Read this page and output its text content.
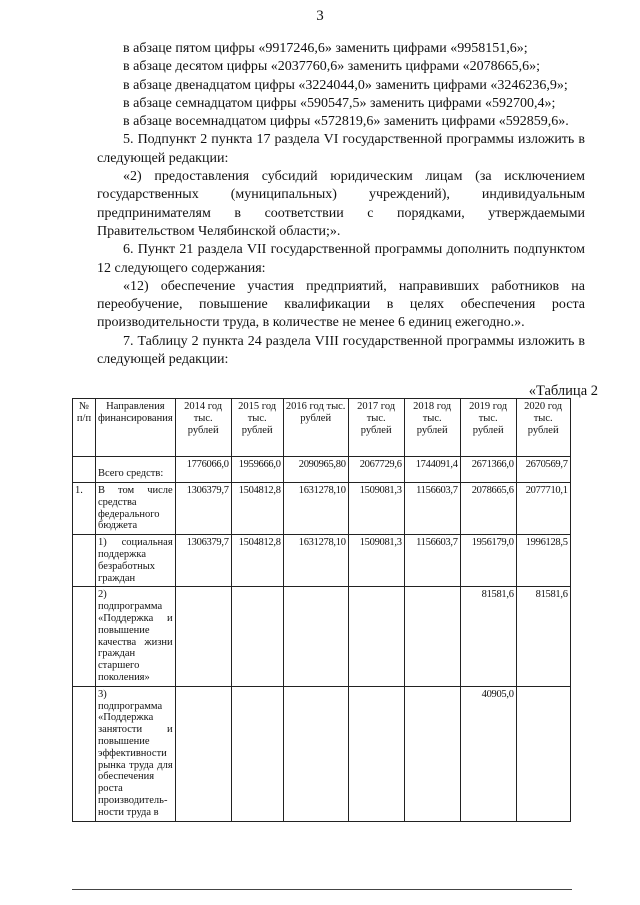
3

в абзаце пятом цифры «9917246,6» заменить цифрами «9958151,6»;

в абзаце десятом цифры «2037760,6» заменить цифрами «2078665,6»;

в абзаце двенадцатом цифры «3224044,0» заменить цифрами «3246236,9»;

в абзаце семнадцатом цифры «590547,5» заменить цифрами «592700,4»;

в абзаце восемнадцатом цифры «572819,6» заменить цифрами «592859,6».

5. Подпункт 2 пункта 17 раздела VI государственной программы изложить в следующей редакции:

«2) предоставления субсидий юридическим лицам (за исключением государственных (муниципальных) учреждений), индивидуальным предпринимателям в соответствии с порядками, утверждаемыми Правительством Челябинской области;».

6. Пункт 21 раздела VII государственной программы дополнить подпунктом 12 следующего содержания:

«12) обеспечение участия предприятий, направивших работников на переобучение, повышение квалификации в целях обеспечения роста производительности труда, в количестве не менее 6 единиц ежегодно.».

7. Таблицу 2 пункта 24 раздела VIII государственной программы изложить в следующей редакции:

«Таблица 2
№ п/п	Направления финансирования	2014 год тыс. рублей	2015 год тыс. рублей	2016 год тыс. рублей	2017 год тыс. рублей	2018 год тыс. рублей	2019 год тыс. рублей	2020 год тыс. рублей
	Всего средств:	1776066,0	1959666,0	2090965,80	2067729,6	1744091,4	2671366,0	2670569,7
1.	В том числе средства федерального бюджета	1306379,7	1504812,8	1631278,10	1509081,3	1156603,7	2078665,6	2077710,1
	1) социальная поддержка безработных граждан	1306379,7	1504812,8	1631278,10	1509081,3	1156603,7	1956179,0	1996128,5
	2) подпрограмма «Поддержка и повышение качества жизни граждан старшего поколения»						81581,6	81581,6
	3) подпрограмма «Поддержка занятости и повышение эффективности рынка труда для обеспечения роста производитель-ности труда в						40905,0	
